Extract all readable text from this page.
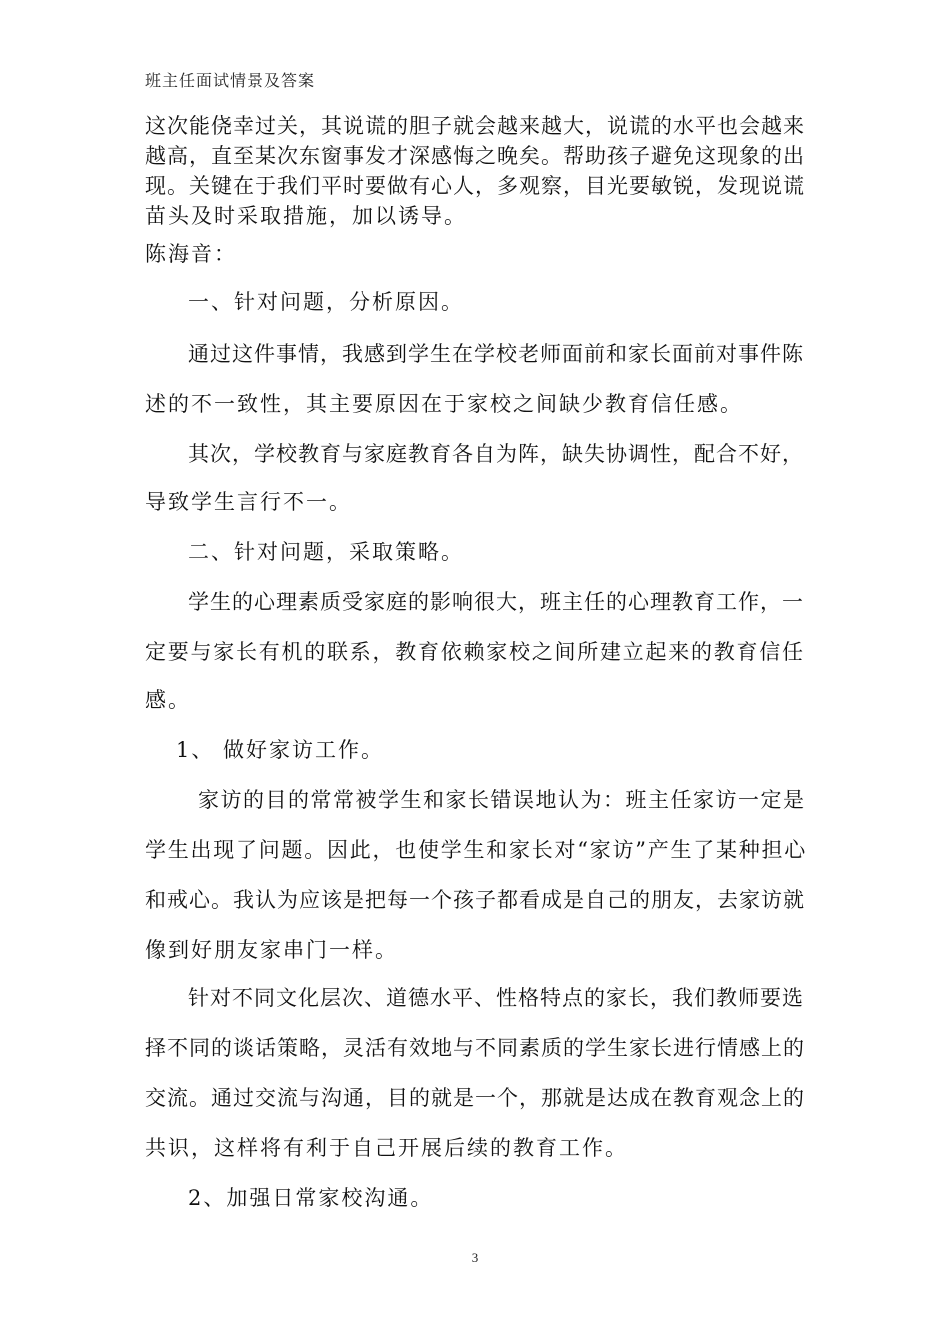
班主任面试情景及答案
这次能侥幸过关，其说谎的胆子就会越来越大，说谎的水平也会越来
越高，直至某次东窗事发才深感悔之晚矣。帮助孩子避免这现象的出
现。关键在于我们平时要做有心人，多观察，目光要敏锐，发现说谎
苗头及时采取措施，加以诱导。
陈海音：
一、针对问题，分析原因。
通过这件事情，我感到学生在学校老师面前和家长面前对事件陈
述的不一致性，其主要原因在于家校之间缺少教育信任感。
其次，学校教育与家庭教育各自为阵，缺失协调性，配合不好，
导致学生言行不一。
二、针对问题，采取策略。
学生的心理素质受家庭的影响很大，班主任的心理教育工作，一
定要与家长有机的联系，教育依赖家校之间所建立起来的教育信任
感。
1、 做好家访工作。
家访的目的常常被学生和家长错误地认为：班主任家访一定是
学生出现了问题。因此，也使学生和家长对“家访”产生了某种担心
和戒心。我认为应该是把每一个孩子都看成是自己的朋友，去家访就
像到好朋友家串门一样。
针对不同文化层次、道德水平、性格特点的家长，我们教师要选
择不同的谈话策略，灵活有效地与不同素质的学生家长进行情感上的
交流。通过交流与沟通，目的就是一个，那就是达成在教育观念上的
共识，这样将有利于自己开展后续的教育工作。
2、加强日常家校沟通。
3
